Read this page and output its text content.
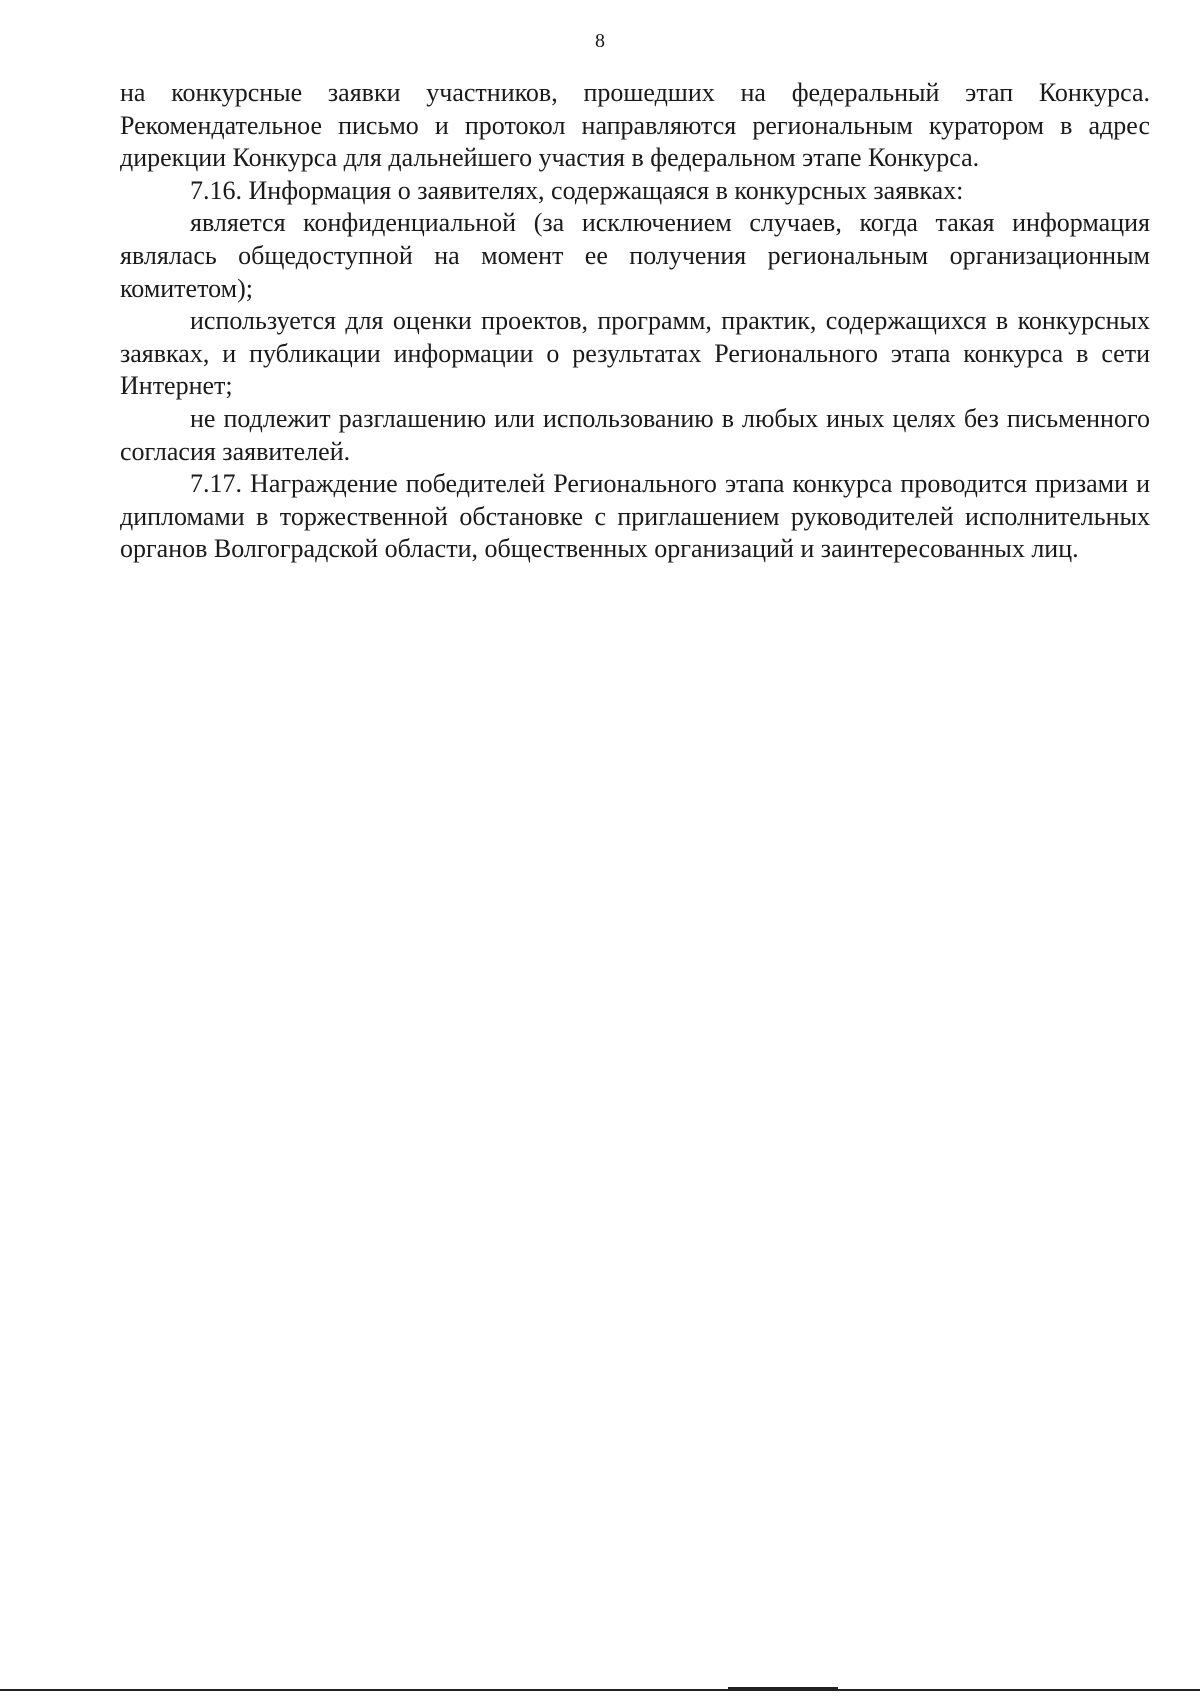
8

на конкурсные заявки участников, прошедших на федеральный этап Конкурса. Рекомендательное письмо и протокол направляются региональным куратором в адрес дирекции Конкурса для дальнейшего участия в федеральном этапе Конкурса.

7.16. Информация о заявителях, содержащаяся в конкурсных заявках:

является конфиденциальной (за исключением случаев, когда такая информация являлась общедоступной на момент ее получения региональным организационным комитетом);

используется для оценки проектов, программ, практик, содержащихся в конкурсных заявках, и публикации информации о результатах Регионального этапа конкурса в сети Интернет;

не подлежит разглашению или использованию в любых иных целях без письменного согласия заявителей.

7.17. Награждение победителей Регионального этапа конкурса проводится призами и дипломами в торжественной обстановке с приглашением руководителей исполнительных органов Волгоградской области, общественных организаций и заинтересованных лиц.
